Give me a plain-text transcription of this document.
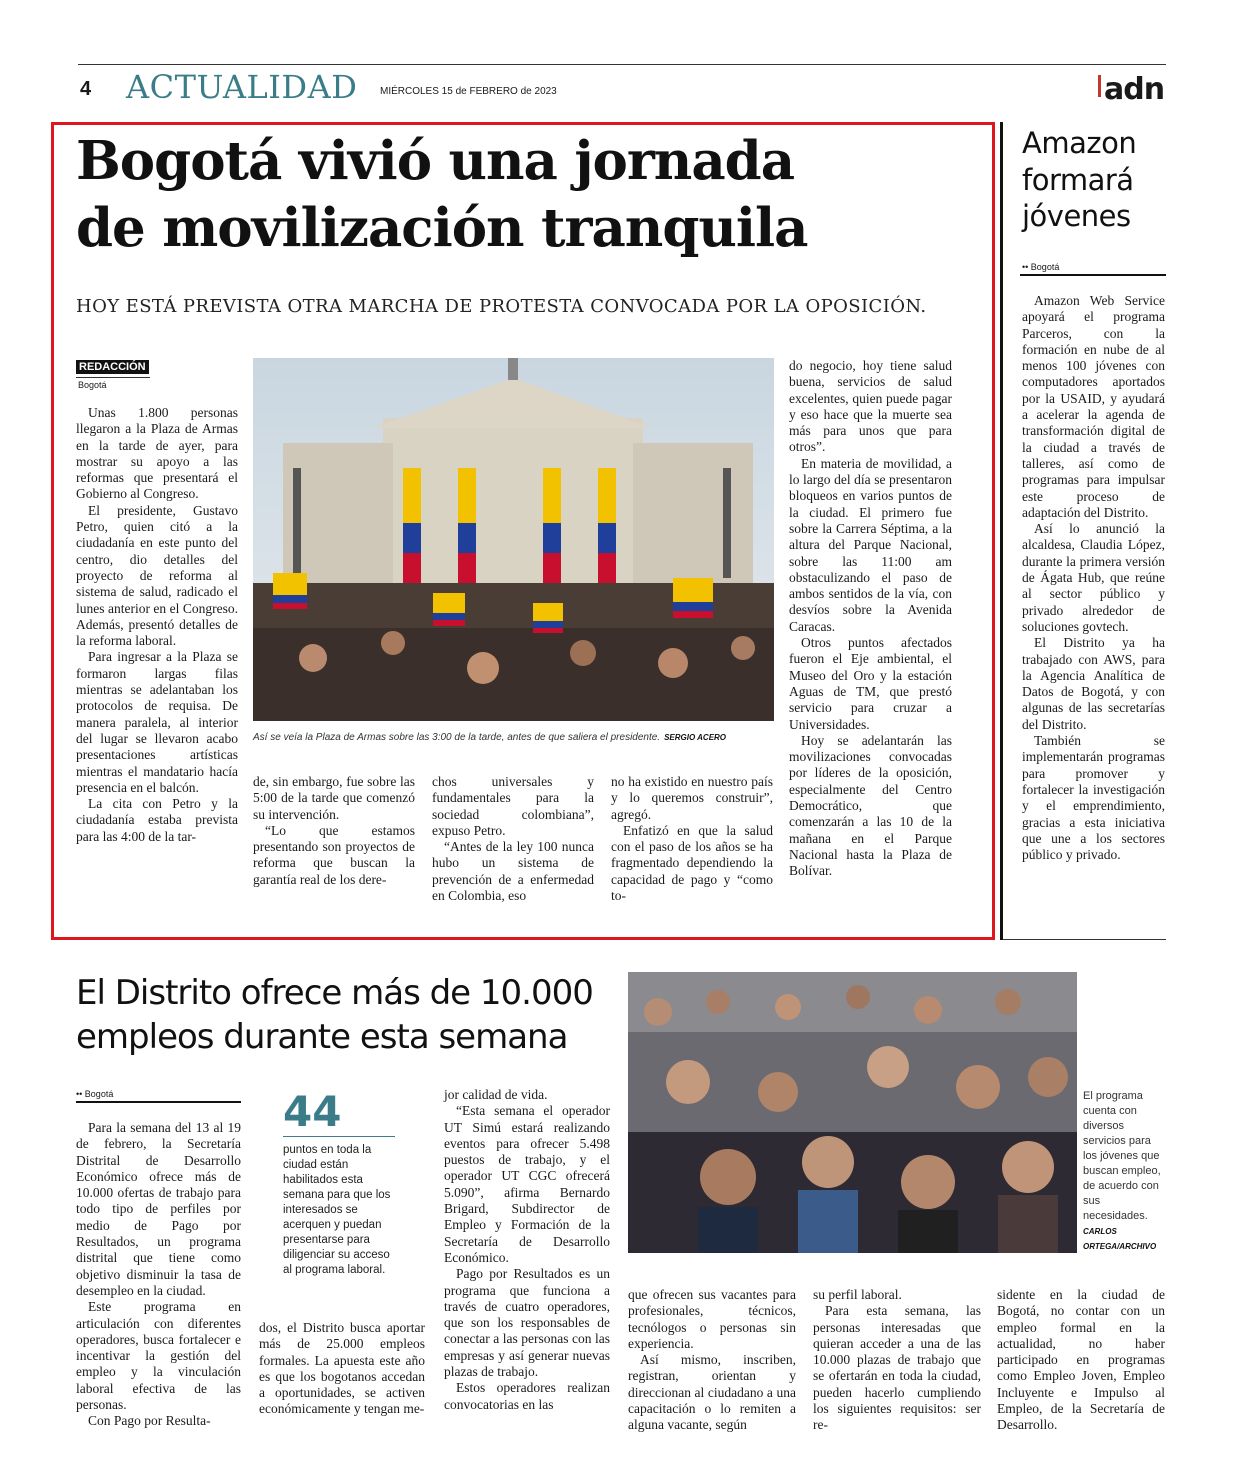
4 ACTUALIDAD MIÉRCOLES 15 de FEBRERO de 2023	adn
Bogotá vivió una jornada
de movilización tranquila
HOY ESTÁ PREVISTA OTRA MARCHA DE PROTESTA CONVOCADA POR LA OPOSICIÓN.
REDACCIÓN
Bogotá

Unas 1.800 personas llegaron a la Plaza de Armas en la tarde de ayer, para mostrar su apoyo a las reformas que presentará el Gobierno al Congreso.

El presidente, Gustavo Petro, quien citó a la ciudadanía en este punto del centro, dio detalles del proyecto de reforma al sistema de salud, radicado el lunes anterior en el Congreso. Además, presentó detalles de la reforma laboral.

Para ingresar a la Plaza se formaron largas filas mientras se adelantaban los protocolos de requisa. De manera paralela, al interior del lugar se llevaron acabo presentaciones artísticas mientras el mandatario hacía presencia en el balcón.

La cita con Petro y la ciudadanía estaba prevista para las 4:00 de la tar-

Así se veía la Plaza de Armas sobre las 3:00 de la tarde, antes de que saliera el presidente. SERGIO ACERO

de, sin embargo, fue sobre las 5:00 de la tarde que comenzó su intervención.

“Lo que estamos presentando son proyectos de reforma que buscan la garantía real de los dere-

chos universales y fundamentales para la sociedad colombiana”, expuso Petro.

“Antes de la ley 100 nunca hubo un sistema de prevención de a enfermedad en Colombia, eso

no ha existido en nuestro país y lo queremos construir”, agregó.

Enfatizó en que la salud con el paso de los años se ha fragmentado dependiendo la capacidad de pago y “como to-

do negocio, hoy tiene salud buena, servicios de salud excelentes, quien puede pagar y eso hace que la muerte sea más para unos que para otros”.

En materia de movilidad, a lo largo del día se presentaron bloqueos en varios puntos de la ciudad. El primero fue sobre la Carrera Séptima, a la altura del Parque Nacional, sobre las 11:00 am obstaculizando el paso de ambos sentidos de la vía, con desvíos sobre la Avenida Caracas.

Otros puntos afectados fueron el Eje ambiental, el Museo del Oro y la estación Aguas de TM, que prestó servicio para cruzar a Universidades.

Hoy se adelantarán las movilizaciones convocadas por líderes de la oposición, especialmente del Centro Democrático, que comenzarán a las 10 de la mañana en el Parque Nacional hasta la Plaza de Bolívar.

Amazon
formará
jóvenes
•• Bogotá

Amazon Web Service apoyará el programa Parceros, con la formación en nube de al menos 100 jóvenes con computadores aportados por la USAID, y ayudará a acelerar la agenda de transformación digital de la ciudad a través de talleres, así como de programas para impulsar este proceso de adaptación del Distrito.

Así lo anunció la alcaldesa, Claudia López, durante la primera versión de Ágata Hub, que reúne al sector público y privado alrededor de soluciones govtech.

El Distrito ya ha trabajado con AWS, para la Agencia Analítica de Datos de Bogotá, y con algunas de las secretarías del Distrito.

También se implementarán programas para promover y fortalecer la investigación y el emprendimiento, gracias a esta iniciativa que une a los sectores público y privado.

El Distrito ofrece más de 10.000
empleos durante esta semana
•• Bogotá

Para la semana del 13 al 19 de febrero, la Secretaría Distrital de Desarrollo Económico ofrece más de 10.000 ofertas de trabajo para todo tipo de perfiles por medio de Pago por Resultados, un programa distrital que tiene como objetivo disminuir la tasa de desempleo en la ciudad.

Este programa en articulación con diferentes operadores, busca fortalecer e incentivar la gestión del empleo y la vinculación laboral efectiva de las personas.

Con Pago por Resulta-

44
puntos en toda la ciudad están habilitados esta semana para que los interesados se acerquen y puedan presentarse para diligenciar su acceso al programa laboral.

dos, el Distrito busca aportar más de 25.000 empleos formales. La apuesta este año es que los bogotanos accedan a oportunidades, se activen económicamente y tengan me-

jor calidad de vida.

“Esta semana el operador UT Simú estará realizando eventos para ofrecer 5.498 puestos de trabajo, y el operador UT CGC ofrecerá 5.090”, afirma Bernardo Brigard, Subdirector de Empleo y Formación de la Secretaría de Desarrollo Económico.

Pago por Resultados es un programa que funciona a través de cuatro operadores, que son los responsables de conectar a las personas con las empresas y así generar nuevas plazas de trabajo.

Estos operadores realizan convocatorias en las

El programa cuenta con diversos servicios para los jóvenes que buscan empleo, de acuerdo con sus necesidades. CARLOS ORTEGA/ARCHIVO

que ofrecen sus vacantes para profesionales, técnicos, tecnólogos o personas sin experiencia.

Así mismo, inscriben, registran, orientan y direccionan al ciudadano a una capacitación o lo remiten a alguna vacante, según

su perfil laboral.

Para esta semana, las personas interesadas que quieran acceder a una de las 10.000 plazas de trabajo que se ofertarán en toda la ciudad, pueden hacerlo cumpliendo los siguientes requisitos: ser re-

sidente en la ciudad de Bogotá, no contar con un empleo formal en la actualidad, no haber participado en programas como Empleo Joven, Empleo Incluyente e Impulso al Empleo, de la Secretaría de Desarrollo.
